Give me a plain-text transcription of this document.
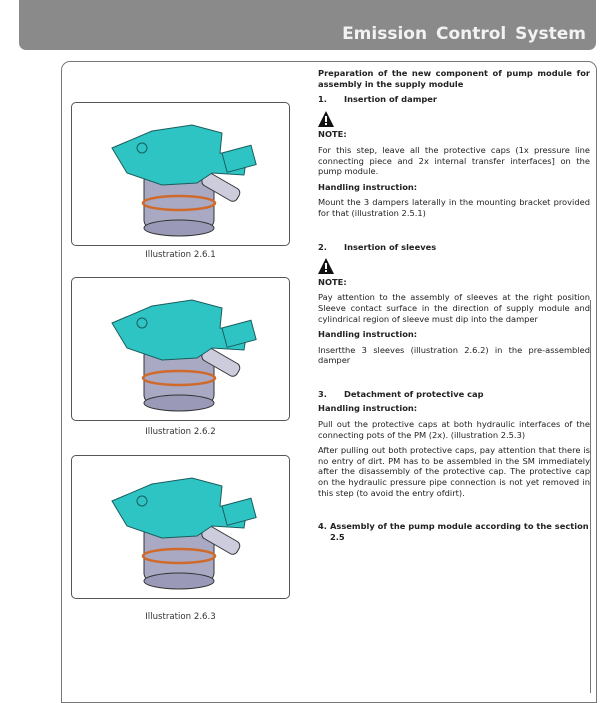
Emission Control System
Illustration 2.6.1
Illustration 2.6.2
Illustration 2.6.3

Preparation of the new component of pump module for assembly in the supply module

1. Insertion of damper
NOTE:

For this step, leave all the protective caps (1x pressure line connecting piece and 2x internal transfer interfaces] on the pump module.

Handling instruction:

Mount the 3 dampers laterally in the mounting bracket provided for that (illustration 2.5.1)

2. Insertion of sleeves
NOTE:

Pay attention to the assembly of sleeves at the right position Sleeve contact surface in the direction of supply module and cylindrical region of sleeve must dip into the damper

Handling instruction:

Insertthe 3 sleeves (illustration 2.6.2) in the pre-assembled damper

3. Detachment of protective cap

Handling instruction:

Pull out the protective caps at both hydraulic interfaces of the connecting pots of the PM (2x). (illustration 2.5.3)

After pulling out both protective caps, pay attention that there is no entry of dirt. PM has to be assembled in the SM immediately after the disassembly of the protective cap. The protective cap on the hydraulic pressure pipe connection is not yet removed in this step (to avoid the entry ofdirt).

4. Assembly of the pump module according to the section 2.5
